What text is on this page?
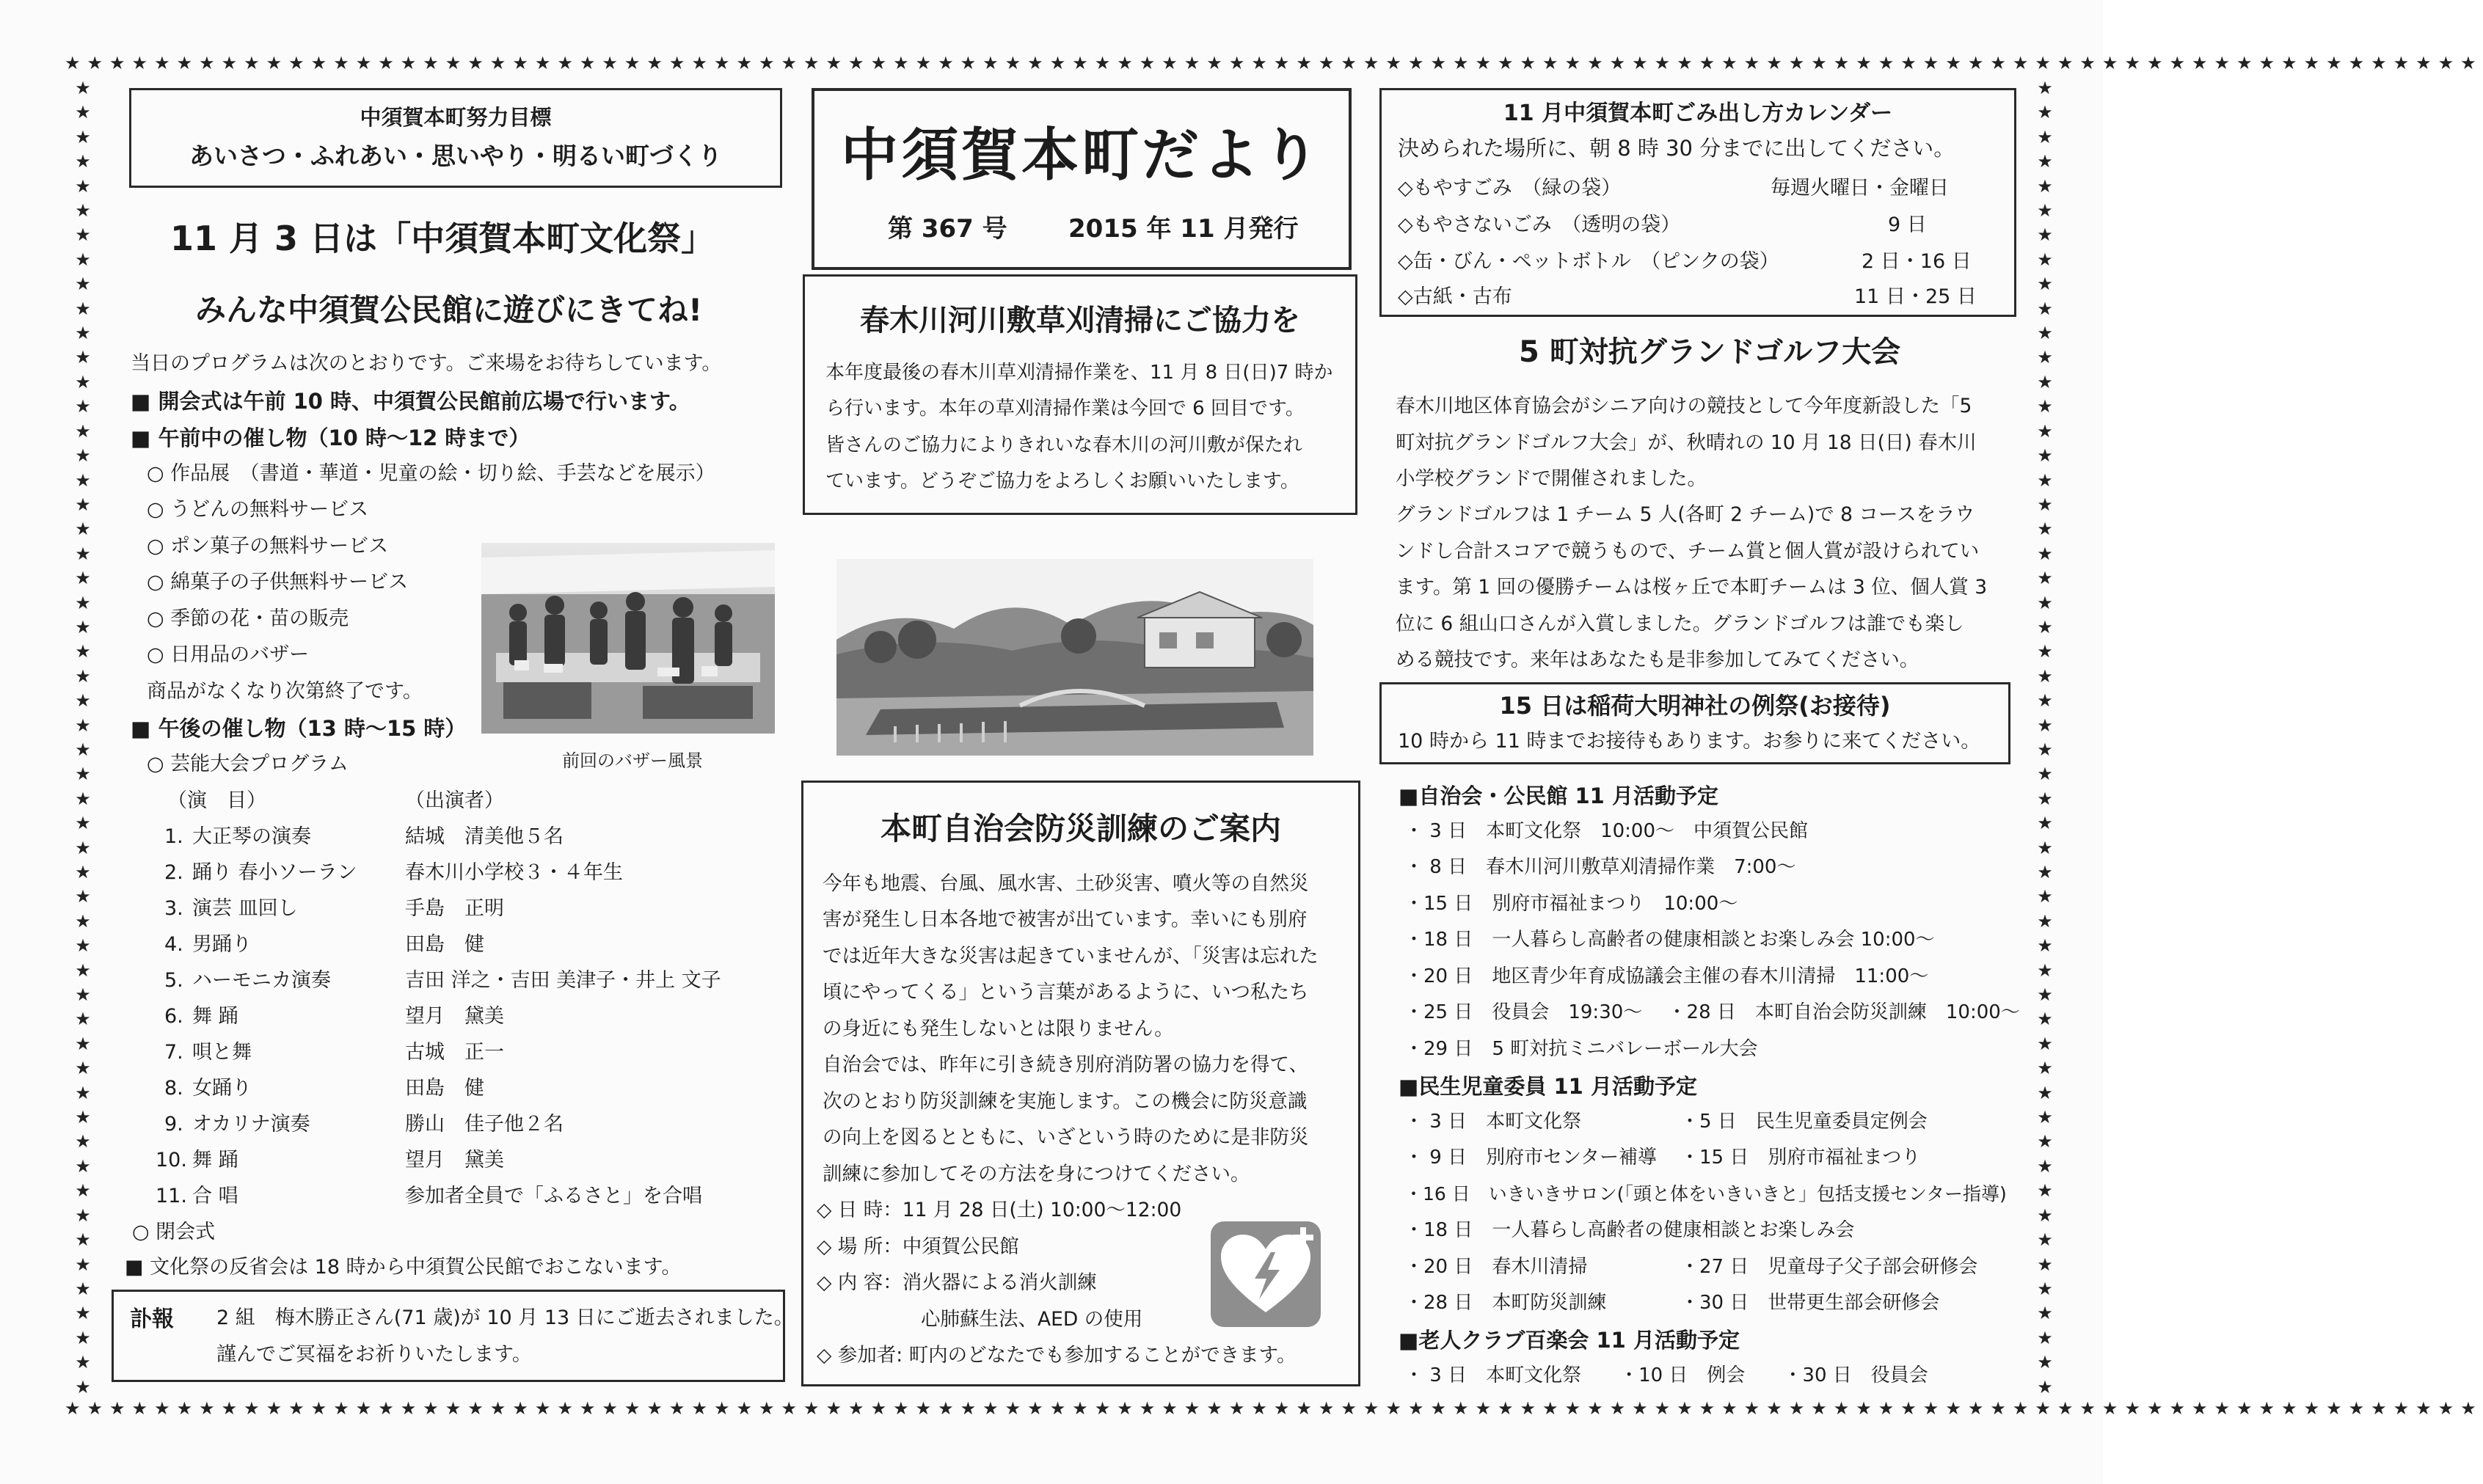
★★★★★★★★★★★★★★★★★★★★★★★★★★★★★★★★★★★★★★★★★★★★★★★★★★★★★★★★★★★★★★★★★★★★★★★★★★★★★★★★★★★★★★★★★★★★★★★★★★★★★★★★★★★★
★★★★★★★★★★★★★★★★★★★★★★★★★★★★★★★★★★★★★★★★★★★★★★★★★★★★★★★★★★★★★★★★★★★★★★★★★★★★★★★★★★★★★★★★★★★★★★★★★★★★★★★★★★★★
★★★★★★★★★★★★★★★★★★★★★★★★★★★★★★★★★★★★★★★★★★★★★★★★★★★★★★
★★★★★★★★★★★★★★★★★★★★★★★★★★★★★★★★★★★★★★★★★★★★★★★★★★★★★★
中須賀本町努力目標
あいさつ・ふれあい・思いやり・明るい町づくり
11 月 3 日は「中須賀本町文化祭」
みんな中須賀公民館に遊びにきてね!
当日のプログラムは次のとおりです。ご来場をお待ちしています。
■ 開会式は午前 10 時、中須賀公民館前広場で行います。
■ 午前中の催し物（10 時～12 時まで）
○ 作品展　（書道・華道・児童の絵・切り絵、手芸などを展示）
○ うどんの無料サービス
○ ポン菓子の無料サービス
○ 綿菓子の子供無料サービス
○ 季節の花・苗の販売
○ 日用品のバザー
商品がなくなり次第終了です。
■ 午後の催し物（13 時～15 時）
○ 芸能大会プログラム	前回のバザー風景
（演　目）	（出演者）
1. 大正琴の演奏	結城　清美他５名
2. 踊り 春小ソーラン 春木川小学校３・４年生
3. 演芸 皿回し	手島　正明
4. 男踊り	田島　健
5. ハーモニカ演奏	吉田 洋之・吉田 美津子・井上 文子
6. 舞 踊	望月　黛美
7. 唄と舞	古城　正一
8. 女踊り	田島　健
9. オカリナ演奏	勝山　佳子他２名
10. 舞 踊	望月　黛美
11. 合 唱	参加者全員で「ふるさと」を合唱
○ 閉会式
■ 文化祭の反省会は 18 時から中須賀公民館でおこないます。
訃報 2 組　梅木勝正さん(71 歳)が 10 月 13 日にご逝去されました。
謹んでご冥福をお祈りいたします。
中須賀本町だより
第 367 号 2015 年 11 月発行
春木川河川敷草刈清掃にご協力を
本年度最後の春木川草刈清掃作業を、11 月 8 日(日)7 時か
ら行います。本年の草刈清掃作業は今回で 6 回目です。
皆さんのご協力によりきれいな春木川の河川敷が保たれ
ています。どうぞご協力をよろしくお願いいたします。
本町自治会防災訓練のご案内
今年も地震、台風、風水害、土砂災害、噴火等の自然災
害が発生し日本各地で被害が出ています。幸いにも別府
では近年大きな災害は起きていませんが、「災害は忘れた
頃にやってくる」という言葉があるように、いつ私たち
の身近にも発生しないとは限りません。
自治会では、昨年に引き続き別府消防署の協力を得て、
次のとおり防災訓練を実施します。この機会に防災意識
の向上を図るとともに、いざという時のために是非防災
訓練に参加してその方法を身につけてください。
◇ 日 時：11 月 28 日(土) 10:00～12:00
◇ 場 所：中須賀公民館
◇ 内 容：消火器による消火訓練
心肺蘇生法、AED の使用
◇ 参加者: 町内のどなたでも参加することができます。
11 月中須賀本町ごみ出し方カレンダー
決められた場所に、朝 8 時 30 分までに出してください。
◇もやすごみ　（緑の袋）	毎週火曜日・金曜日
◇もやさないごみ　（透明の袋）	9 日
◇缶・びん・ペットボトル　（ピンクの袋）	2 日・16 日
◇古紙・古布	11 日・25 日
5 町対抗グランドゴルフ大会
春木川地区体育協会がシニア向けの競技として今年度新設した「5
町対抗グランドゴルフ大会」が、秋晴れの 10 月 18 日(日) 春木川
小学校グランドで開催されました。
グランドゴルフは 1 チーム 5 人(各町 2 チーム)で 8 コースをラウ
ンドし合計スコアで競うもので、チーム賞と個人賞が設けられてい
ます。第 1 回の優勝チームは桜ヶ丘で本町チームは 3 位、個人賞 3
位に 6 組山口さんが入賞しました。グランドゴルフは誰でも楽し
める競技です。来年はあなたも是非参加してみてください。
15 日は稲荷大明神社の例祭(お接待)
10 時から 11 時までお接待もあります。お参りに来てください。
■自治会・公民館 11 月活動予定
・ 3 日　本町文化祭　10:00～　中須賀公民館
・ 8 日　春木川河川敷草刈清掃作業　7:00～
・15 日　別府市福祉まつり　10:00～
・18 日　一人暮らし高齢者の健康相談とお楽しみ会 10:00～
・20 日　地区青少年育成協議会主催の春木川清掃　11:00～
・25 日　役員会　19:30～　 ・28 日　本町自治会防災訓練　10:00～
・29 日　5 町対抗ミニバレーボール大会
■民生児童委員 11 月活動予定
・ 3 日　本町文化祭	・5 日　民生児童委員定例会
・ 9 日　別府市センター補導 ・15 日　別府市福祉まつり
・16 日　いきいきサロン(「頭と体をいきいきと」包括支援センター指導)
・18 日　一人暮らし高齢者の健康相談とお楽しみ会
・20 日　春木川清掃	・27 日　児童母子父子部会研修会
・28 日　本町防災訓練	・30 日　世帯更生部会研修会
■老人クラブ百楽会 11 月活動予定
・ 3 日　本町文化祭　　・10 日　例会　　・30 日　役員会
